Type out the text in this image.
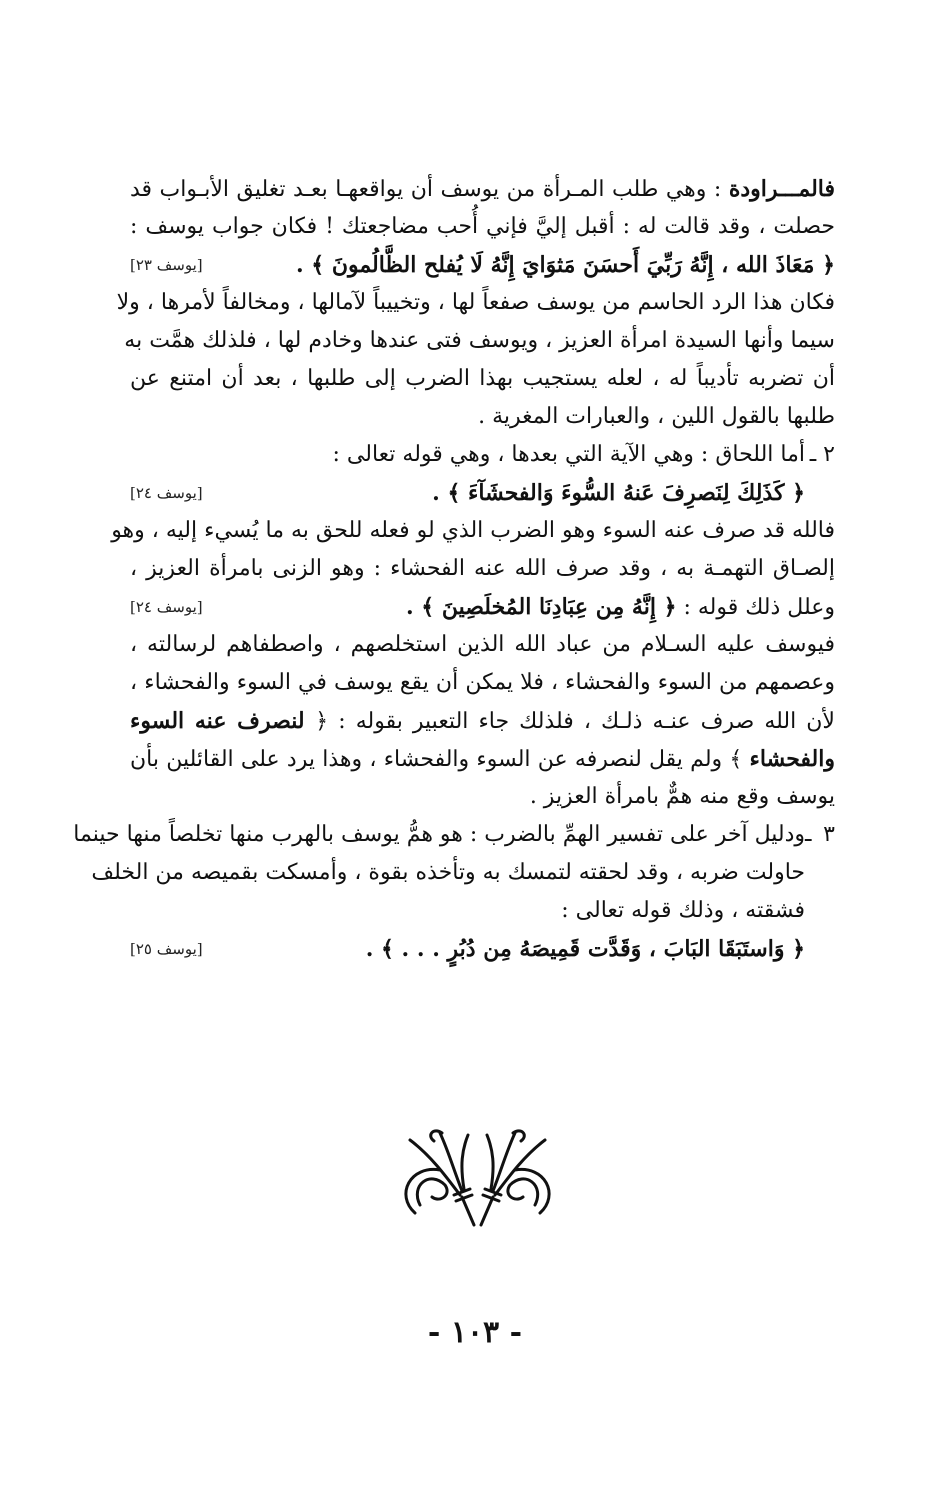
فالمـــراودة : وهي طلب المـرأة من يوسف أن يواقعهـا بعـد تغليق الأبـواب قد
حصلت ، وقد قالت له : أقبل إليَّ فإني أُحب مضاجعتك ! فكان جواب يوسف :
﴿ مَعَاذَ الله ، إِنَّهُ رَبِّيَ أَحسَنَ مَثوَايَ إِنَّهُ لَا يُفلح الظَّالُمونَ ﴾ .
[يوسف ٢٣]
فكان هذا الرد الحاسم من يوسف صفعاً لها ، وتخييباً لآمالها ، ومخالفاً لأمرها ، ولا
سيما وأنها السيدة امرأة العزيز ، ويوسف فتى عندها وخادم لها ، فلذلك همَّت به
أن تضربه تأديباً له ، لعله يستجيب بهذا الضرب إلى طلبها ، بعد أن امتنع عن
طلبها بالقول اللين ، والعبارات المغرية .
٢ ـأما اللحاق : وهي الآية التي بعدها ، وهي قوله تعالى :
﴿ كَذَلِكَ لِنَصرِفَ عَنهُ السُّوءَ وَالفحشَآءَ ﴾ .
[يوسف ٢٤]
فالله قد صرف عنه السوء وهو الضرب الذي لو فعله للحق به ما يُسيء إليه ، وهو
إلصـاق التهمـة به ، وقد صرف الله عنه الفحشاء : وهو الزنى بامرأة العزيز ،
وعلل ذلك قوله : ﴿ إِنَّهُ مِن عِبَادِنَا المُخلَصِينَ ﴾ .
[يوسف ٢٤]
فيوسف عليه السـلام من عباد الله الذين استخلصهم ، واصطفاهم لرسالته ،
وعصمهم من السوء والفحشاء ، فلا يمكن أن يقع يوسف في السوء والفحشاء ،
لأن الله صرف عنـه ذلـك ، فلذلك جاء التعبير بقوله : ﴿ لنصرف عنه السوء
والفحشاء ﴾ ولم يقل لنصرفه عن السوء والفحشاء ، وهذا يرد على القائلين بأن
يوسف وقع منه همٌّ بامرأة العزيز .
٣ ـودليل آخر على تفسير الهمِّ بالضرب : هو همُّ يوسف بالهرب منها تخلصاً منها حينما
حاولت ضربه ، وقد لحقته لتمسك به وتأخذه بقوة ، وأمسكت بقميصه من الخلف
فشقته ، وذلك قوله تعالى :
﴿ وَاستَبَقَا البَابَ ، وَقَدَّت قَمِيصَهُ مِن دُبُرٍ . . . ﴾ .
[يوسف ٢٥]
- ١٠٣ -
